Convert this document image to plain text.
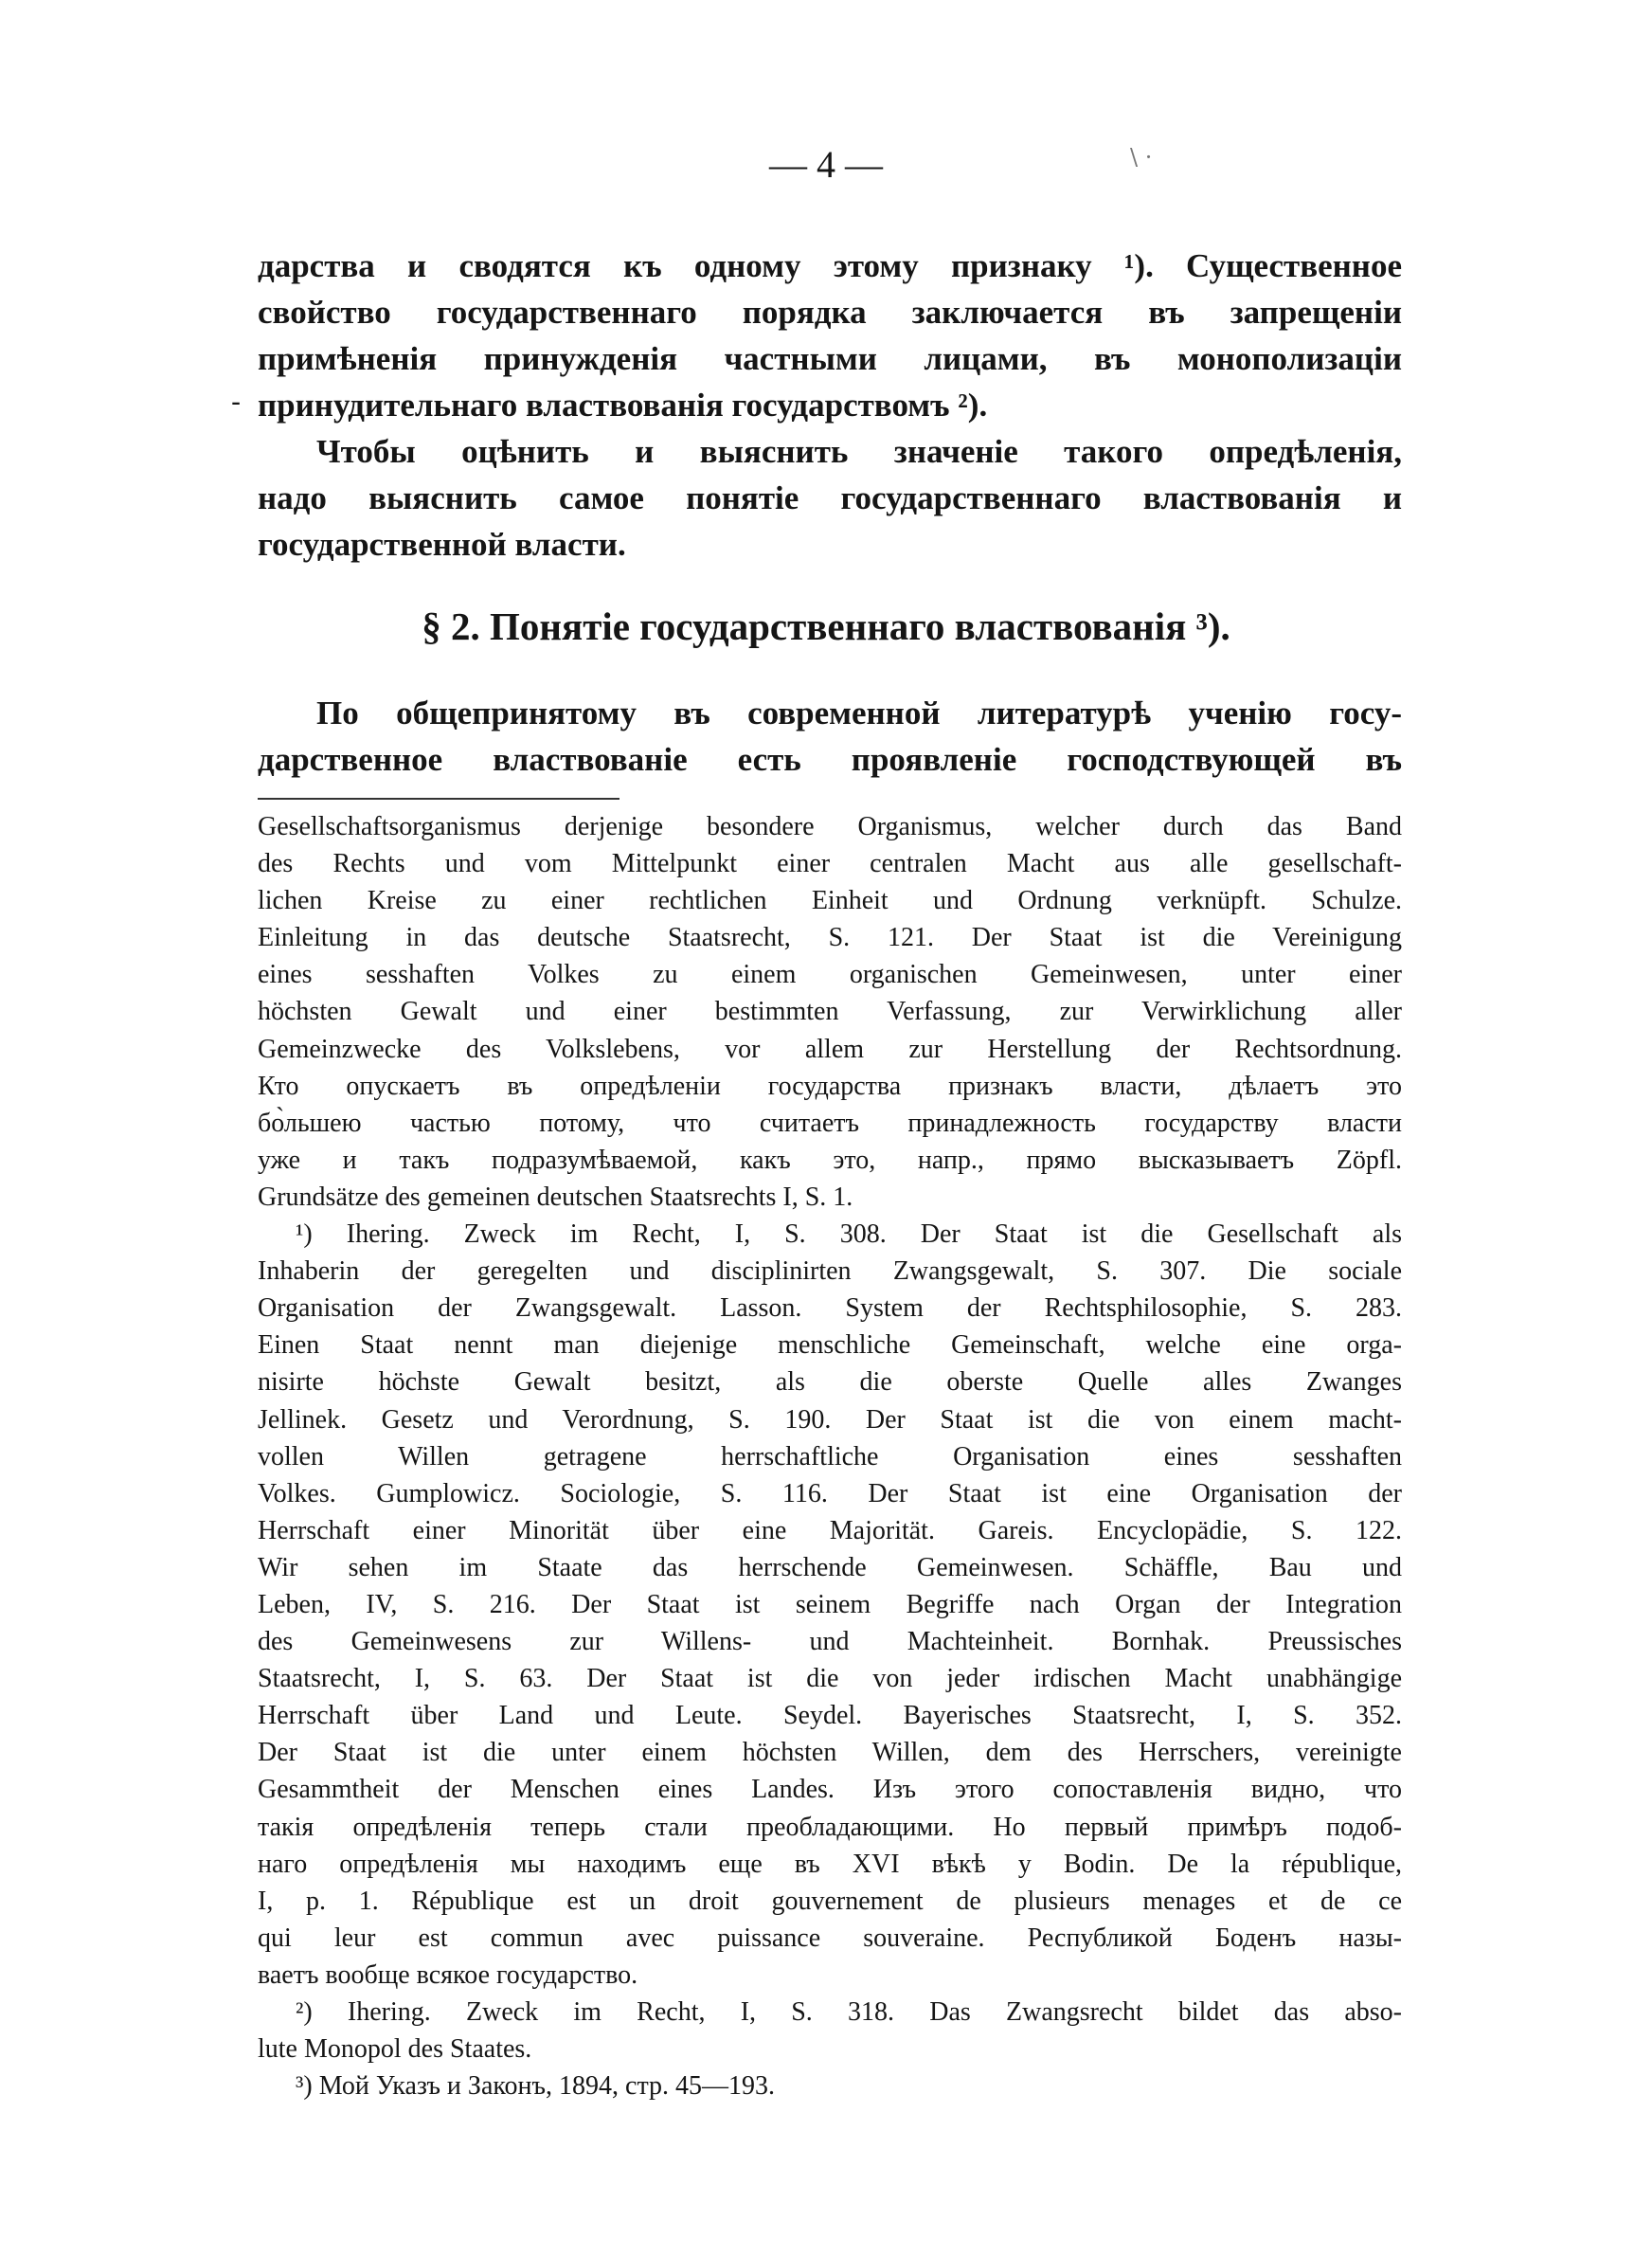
— 4 —	\ ·
-
дарства и сводятся къ одному этому признаку ¹). Существенное
свойство государственнаго порядка заключается въ запрещеніи
примѣненія принужденія частными лицами, въ монополизаціи
принудительнаго властвованія государствомъ ²).
Чтобы оцѣнить и выяснить значеніе такого опредѣленія,
надо выяснить самое понятіе государственнаго властвованія и
государственной власти.
§ 2. Понятіе государственнаго властвованія ³).
По общепринятому въ современной литературѣ ученію госу-
дарственное властвованіе есть проявленіе господствующей въ
Gesellschaftsorganismus derjenige besondere Organismus, welcher durch das Band
des Rechts und vom Mittelpunkt einer centralen Macht aus alle gesellschaft-
lichen Kreise zu einer rechtlichen Einheit und Ordnung verknüpft. Schulze.
Einleitung in das deutsche Staatsrecht, S. 121. Der Staat ist die Vereinigung
eines sesshaften Volkes zu einem organischen Gemeinwesen, unter einer
höchsten Gewalt und einer bestimmten Verfassung, zur Verwirklichung aller
Gemeinzwecke des Volkslebens, vor allem zur Herstellung der Rechtsordnung.
Кто опускаетъ въ опредѣленіи государства признакъ власти, дѣлаетъ это
бо̀льшею частью потому, что считаетъ принадлежность государству власти
уже и такъ подразумѣваемой, какъ это, напр., прямо высказываетъ Zöpfl.
Grundsätze des gemeinen deutschen Staatsrechts I, S. 1.
¹) Ihering. Zweck im Recht, I, S. 308. Der Staat ist die Gesellschaft als
Inhaberin der geregelten und disciplinirten Zwangsgewalt, S. 307. Die sociale
Organisation der Zwangsgewalt. Lasson. System der Rechtsphilosophie, S. 283.
Einen Staat nennt man diejenige menschliche Gemeinschaft, welche eine orga-
nisirte höchste Gewalt besitzt, als die oberste Quelle alles Zwanges
Jellinek. Gesetz und Verordnung, S. 190. Der Staat ist die von einem macht-
vollen Willen getragene herrschaftliche Organisation eines sesshaften
Volkes. Gumplowicz. Sociologie, S. 116. Der Staat ist eine Organisation der
Herrschaft einer Minorität über eine Majorität. Gareis. Encyclopädie, S. 122.
Wir sehen im Staate das herrschende Gemeinwesen. Schäffle, Bau und
Leben, IV, S. 216. Der Staat ist seinem Begriffe nach Organ der Integration
des Gemeinwesens zur Willens- und Machteinheit. Bornhak. Preussisches
Staatsrecht, I, S. 63. Der Staat ist die von jeder irdischen Macht unabhängige
Herrschaft über Land und Leute. Seydel. Bayerisches Staatsrecht, I, S. 352.
Der Staat ist die unter einem höchsten Willen, dem des Herrschers, vereinigte
Gesammtheit der Menschen eines Landes. Изъ этого сопоставленія видно, что
такія опредѣленія теперь стали преобладающими. Но первый примѣръ подоб-
наго опредѣленія мы находимъ еще въ XVI вѣкѣ у Bodin. De la république,
I, p. 1. République est un droit gouvernement de plusieurs menages et de ce
qui leur est commun avec puissance souveraine. Республикой Боденъ назы-
ваетъ вообще всякое государство.
²) Ihering. Zweck im Recht, I, S. 318. Das Zwangsrecht bildet das abso-
lute Monopol des Staates.
³) Мой Указъ и Законъ, 1894, стр. 45—193.
